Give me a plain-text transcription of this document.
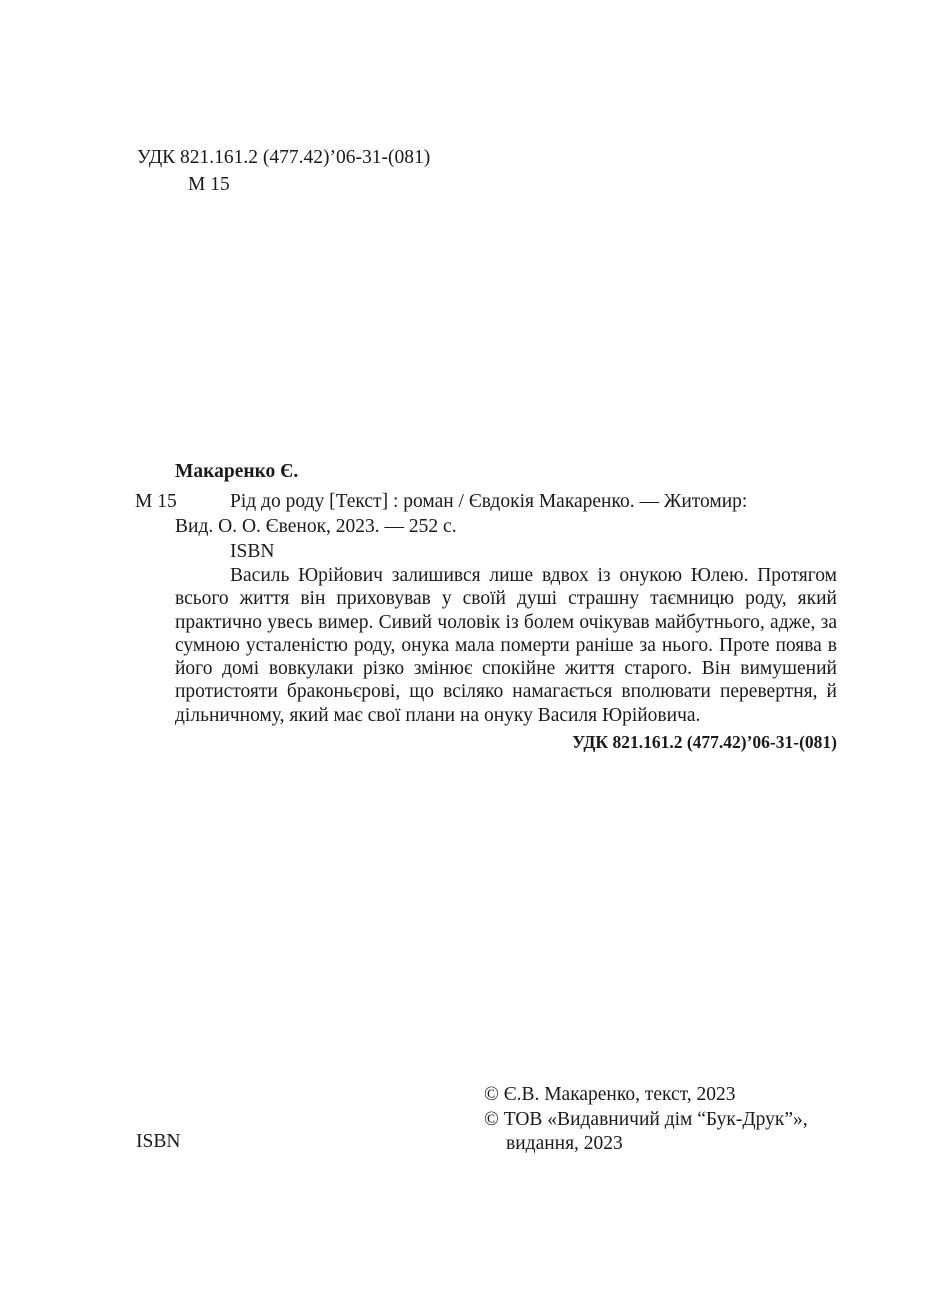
УДК 821.161.2 (477.42)’06-31-(081)
М 15
Макаренко Є.
М 15	Рід до роду [Текст] : роман / Євдокія Макаренко. — Житомир:
Вид. О. О. Євенок, 2023. — 252 с.
ISBN
Василь Юрійович залишився лише вдвох із онукою Юлею. Протягом всього життя він приховував у своїй душі страшну таємницю роду, який практично увесь вимер. Сивий чоловік із болем очікував майбутнього, адже, за сумною усталеністю роду, онука мала померти раніше за нього. Проте поява в його домі вовкулаки різко змінює спокійне життя старого. Він вимушений протистояти браконьєрові, що всіляко намагається вполювати перевертня, й дільничному, який має свої плани на онуку Василя Юрійовича.
УДК 821.161.2 (477.42)’06-31-(081)
ISBN
© Є.В. Макаренко, текст, 2023
© ТОВ «Видавничий дім “Бук-Друк”»,
видання, 2023
